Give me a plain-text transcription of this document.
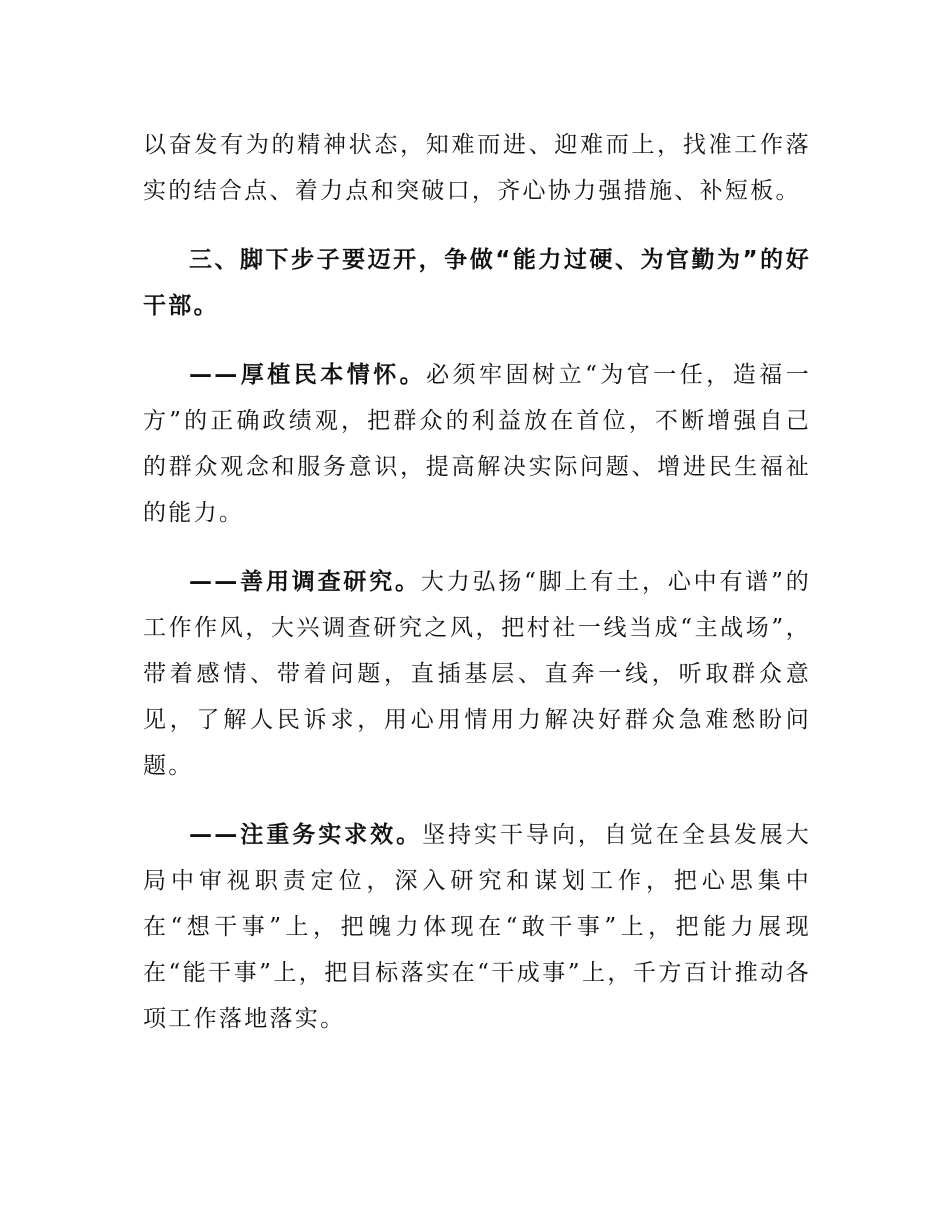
以奋发有为的精神状态，知难而进、迎难而上，找准工作落实的结合点、着力点和突破口，齐心协力强措施、补短板。

三、脚下步子要迈开，争做“能力过硬、为官勤为”的好干部。

——厚植民本情怀。必须牢固树立“为官一任，造福一方”的正确政绩观，把群众的利益放在首位，不断增强自己的群众观念和服务意识，提高解决实际问题、增进民生福祉的能力。

——善用调查研究。大力弘扬“脚上有土，心中有谱”的工作作风，大兴调查研究之风，把村社一线当成“主战场”，带着感情、带着问题，直插基层、直奔一线，听取群众意见，了解人民诉求，用心用情用力解决好群众急难愁盼问题。

——注重务实求效。坚持实干导向，自觉在全县发展大局中审视职责定位，深入研究和谋划工作，把心思集中在“想干事”上，把魄力体现在“敢干事”上，把能力展现在“能干事”上，把目标落实在“干成事”上，千方百计推动各项工作落地落实。
